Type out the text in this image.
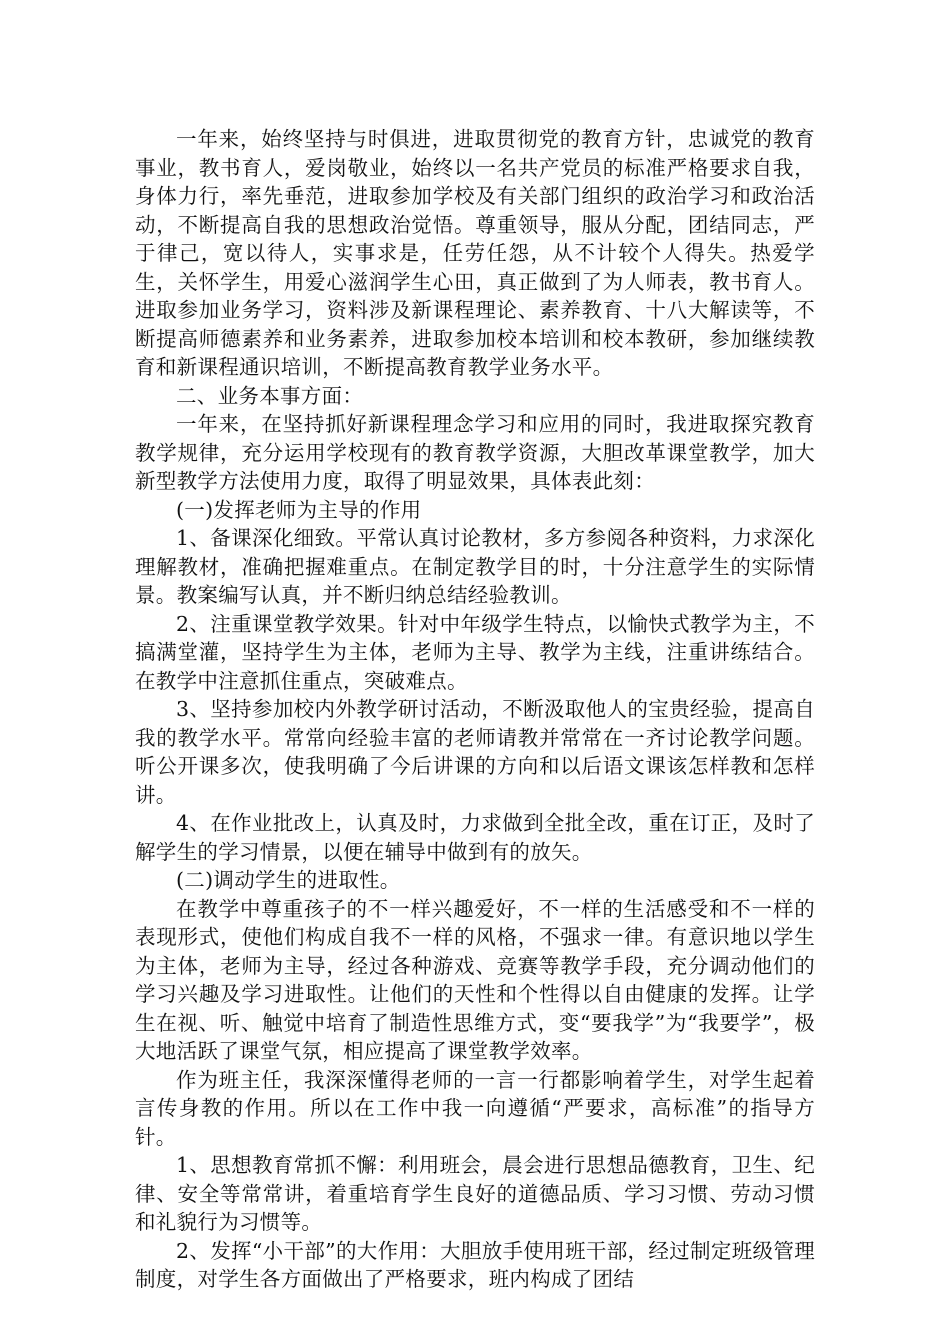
一年来，始终坚持与时俱进，进取贯彻党的教育方针，忠诚党的教育事业，教书育人，爱岗敬业，始终以一名共产党员的标准严格要求自我，身体力行，率先垂范，进取参加学校及有关部门组织的政治学习和政治活动，不断提高自我的思想政治觉悟。尊重领导，服从分配，团结同志，严于律己，宽以待人，实事求是，任劳任怨，从不计较个人得失。热爱学生，关怀学生，用爱心滋润学生心田，真正做到了为人师表，教书育人。进取参加业务学习，资料涉及新课程理论、素养教育、十八大解读等，不断提高师德素养和业务素养，进取参加校本培训和校本教研，参加继续教育和新课程通识培训，不断提高教育教学业务水平。

二、业务本事方面：

一年来，在坚持抓好新课程理念学习和应用的同时，我进取探究教育教学规律，充分运用学校现有的教育教学资源，大胆改革课堂教学，加大新型教学方法使用力度，取得了明显效果，具体表此刻：

(一)发挥老师为主导的作用

1、备课深化细致。平常认真讨论教材，多方参阅各种资料，力求深化理解教材，准确把握难重点。在制定教学目的时，十分注意学生的实际情景。教案编写认真，并不断归纳总结经验教训。

2、注重课堂教学效果。针对中年级学生特点，以愉快式教学为主，不搞满堂灌，坚持学生为主体，老师为主导、教学为主线，注重讲练结合。在教学中注意抓住重点，突破难点。

3、坚持参加校内外教学研讨活动，不断汲取他人的宝贵经验，提高自我的教学水平。常常向经验丰富的老师请教并常常在一齐讨论教学问题。听公开课多次，使我明确了今后讲课的方向和以后语文课该怎样教和怎样讲。

4、在作业批改上，认真及时，力求做到全批全改，重在订正，及时了解学生的学习情景，以便在辅导中做到有的放矢。

(二)调动学生的进取性。

在教学中尊重孩子的不一样兴趣爱好，不一样的生活感受和不一样的表现形式，使他们构成自我不一样的风格，不强求一律。有意识地以学生为主体，老师为主导，经过各种游戏、竞赛等教学手段，充分调动他们的学习兴趣及学习进取性。让他们的天性和个性得以自由健康的发挥。让学生在视、听、触觉中培育了制造性思维方式，变“要我学”为“我要学”，极大地活跃了课堂气氛，相应提高了课堂教学效率。

作为班主任，我深深懂得老师的一言一行都影响着学生，对学生起着言传身教的作用。所以在工作中我一向遵循“严要求，高标准”的指导方针。

1、思想教育常抓不懈：利用班会，晨会进行思想品德教育，卫生、纪律、安全等常常讲，着重培育学生良好的道德品质、学习习惯、劳动习惯和礼貌行为习惯等。

2、发挥“小干部”的大作用：大胆放手使用班干部，经过制定班级管理制度，对学生各方面做出了严格要求，班内构成了团结
